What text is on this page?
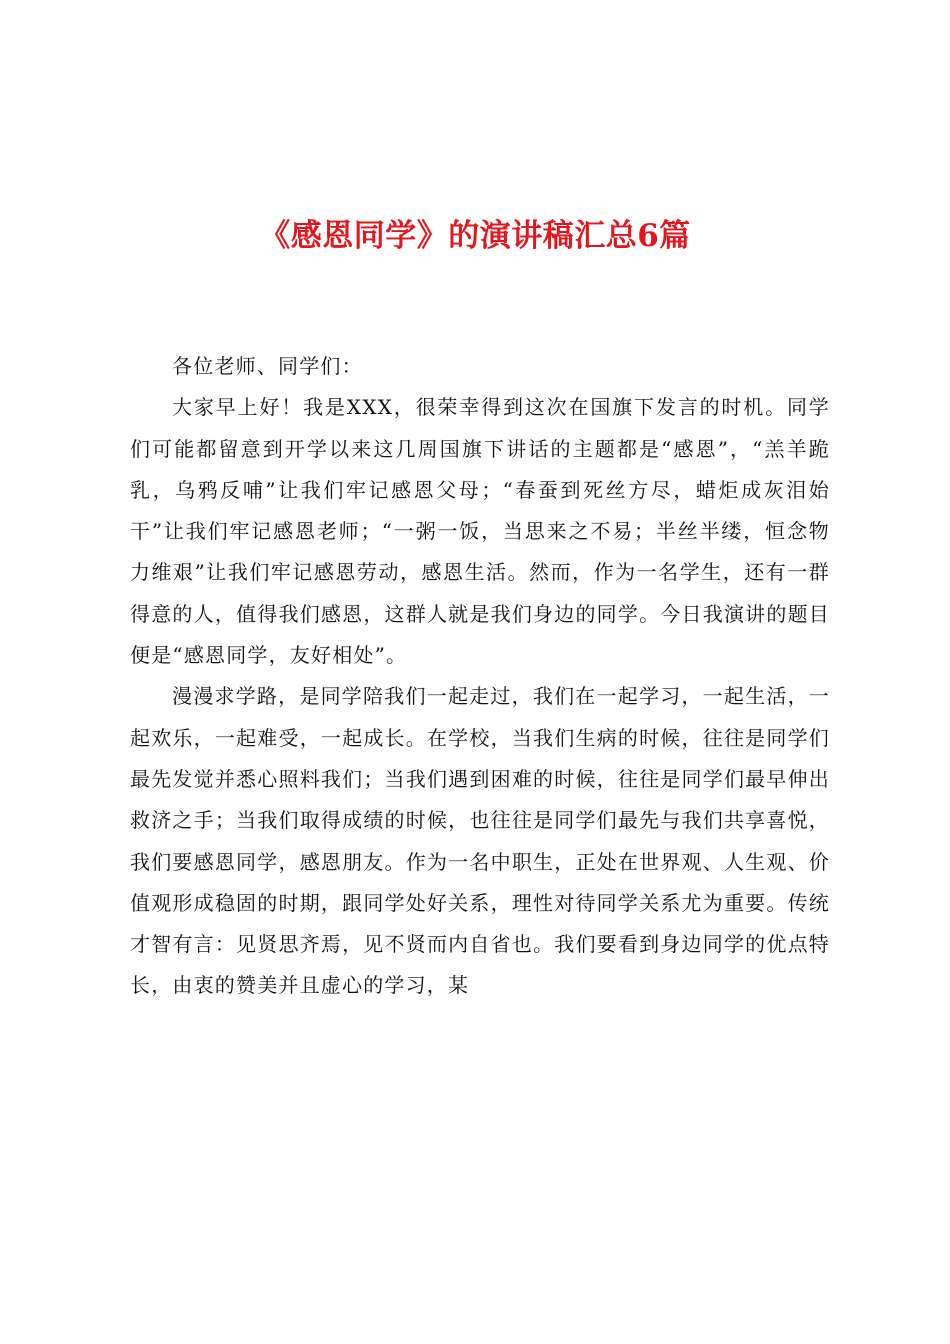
《感恩同学》的演讲稿汇总6篇

各位老师、同学们：

大家早上好！我是XXX，很荣幸得到这次在国旗下发言的时机。同学们可能都留意到开学以来这几周国旗下讲话的主题都是“感恩”，“羔羊跪乳，乌鸦反哺”让我们牢记感恩父母；“春蚕到死丝方尽，蜡炬成灰泪始干”让我们牢记感恩老师；“一粥一饭，当思来之不易；半丝半缕，恒念物力维艰”让我们牢记感恩劳动，感恩生活。然而，作为一名学生，还有一群得意的人，值得我们感恩，这群人就是我们身边的同学。今日我演讲的题目便是“感恩同学，友好相处”。

漫漫求学路，是同学陪我们一起走过，我们在一起学习，一起生活，一起欢乐，一起难受，一起成长。在学校，当我们生病的时候，往往是同学们最先发觉并悉心照料我们；当我们遇到困难的时候，往往是同学们最早伸出救济之手；当我们取得成绩的时候，也往往是同学们最先与我们共享喜悦，我们要感恩同学，感恩朋友。作为一名中职生，正处在世界观、人生观、价值观形成稳固的时期，跟同学处好关系，理性对待同学关系尤为重要。传统才智有言：见贤思齐焉，见不贤而内自省也。我们要看到身边同学的优点特长，由衷的赞美并且虚心的学习，某
